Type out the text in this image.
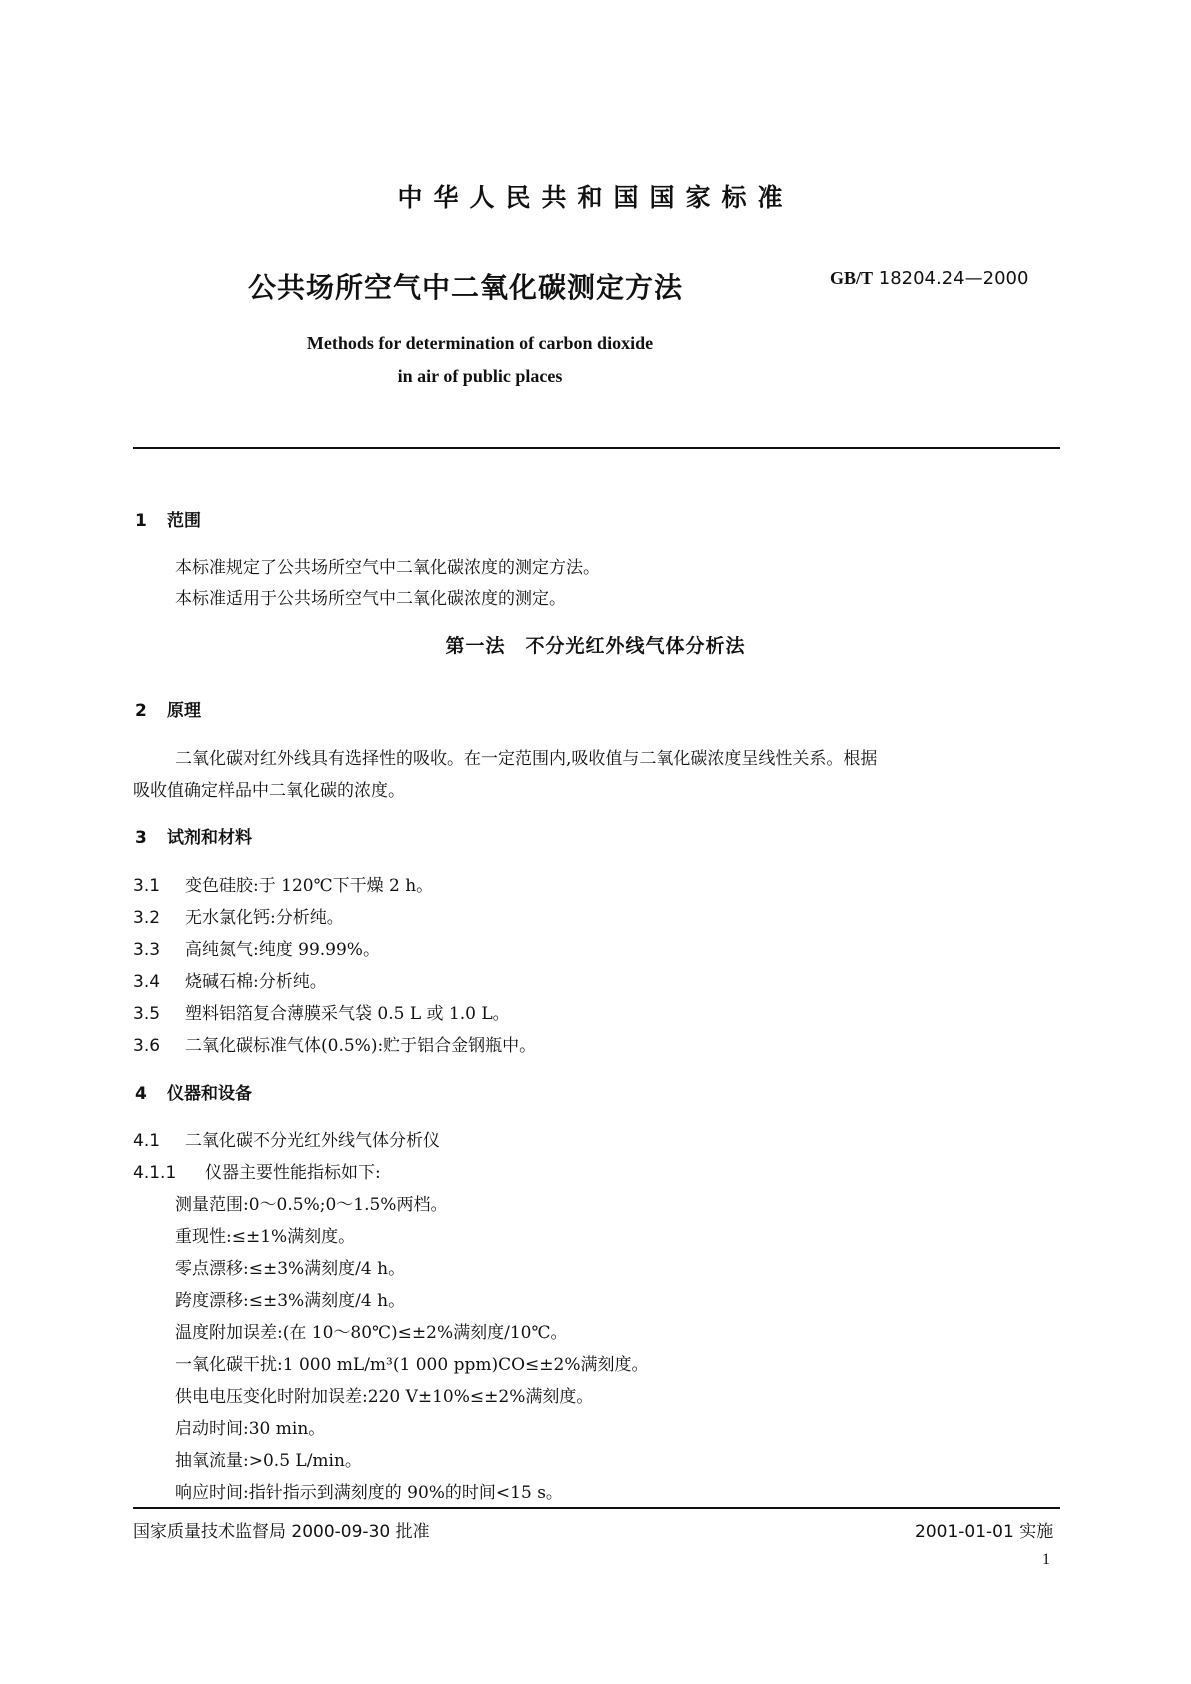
中华人民共和国国家标准
公共场所空气中二氧化碳测定方法	GB/T 18204.24—2000
Methods for determination of carbon dioxide
in air of public places
1 范围
本标准规定了公共场所空气中二氧化碳浓度的测定方法。
本标准适用于公共场所空气中二氧化碳浓度的测定。
第一法　不分光红外线气体分析法
2 原理
二氧化碳对红外线具有选择性的吸收。在一定范围内,吸收值与二氧化碳浓度呈线性关系。根据
吸收值确定样品中二氧化碳的浓度。
3 试剂和材料
3.1 变色硅胶:于 120℃下干燥 2 h。
3.2 无水氯化钙:分析纯。
3.3 高纯氮气:纯度 99.99%。
3.4 烧碱石棉:分析纯。
3.5 塑料铝箔复合薄膜采气袋 0.5 L 或 1.0 L。
3.6 二氧化碳标准气体(0.5%):贮于铝合金钢瓶中。
4 仪器和设备
4.1 二氧化碳不分光红外线气体分析仪
4.1.1 仪器主要性能指标如下:
测量范围:0～0.5%;0～1.5%两档。
重现性:≤±1%满刻度。
零点漂移:≤±3%满刻度/4 h。
跨度漂移:≤±3%满刻度/4 h。
温度附加误差:(在 10～80℃)≤±2%满刻度/10℃。
一氧化碳干扰:1 000 mL/m³(1 000 ppm)CO≤±2%满刻度。
供电电压变化时附加误差:220 V±10%≤±2%满刻度。
启动时间:30 min。
抽氧流量:>0.5 L/min。
响应时间:指针指示到满刻度的 90%的时间<15 s。
国家质量技术监督局 2000-09-30 批准	2001-01-01 实施
1
